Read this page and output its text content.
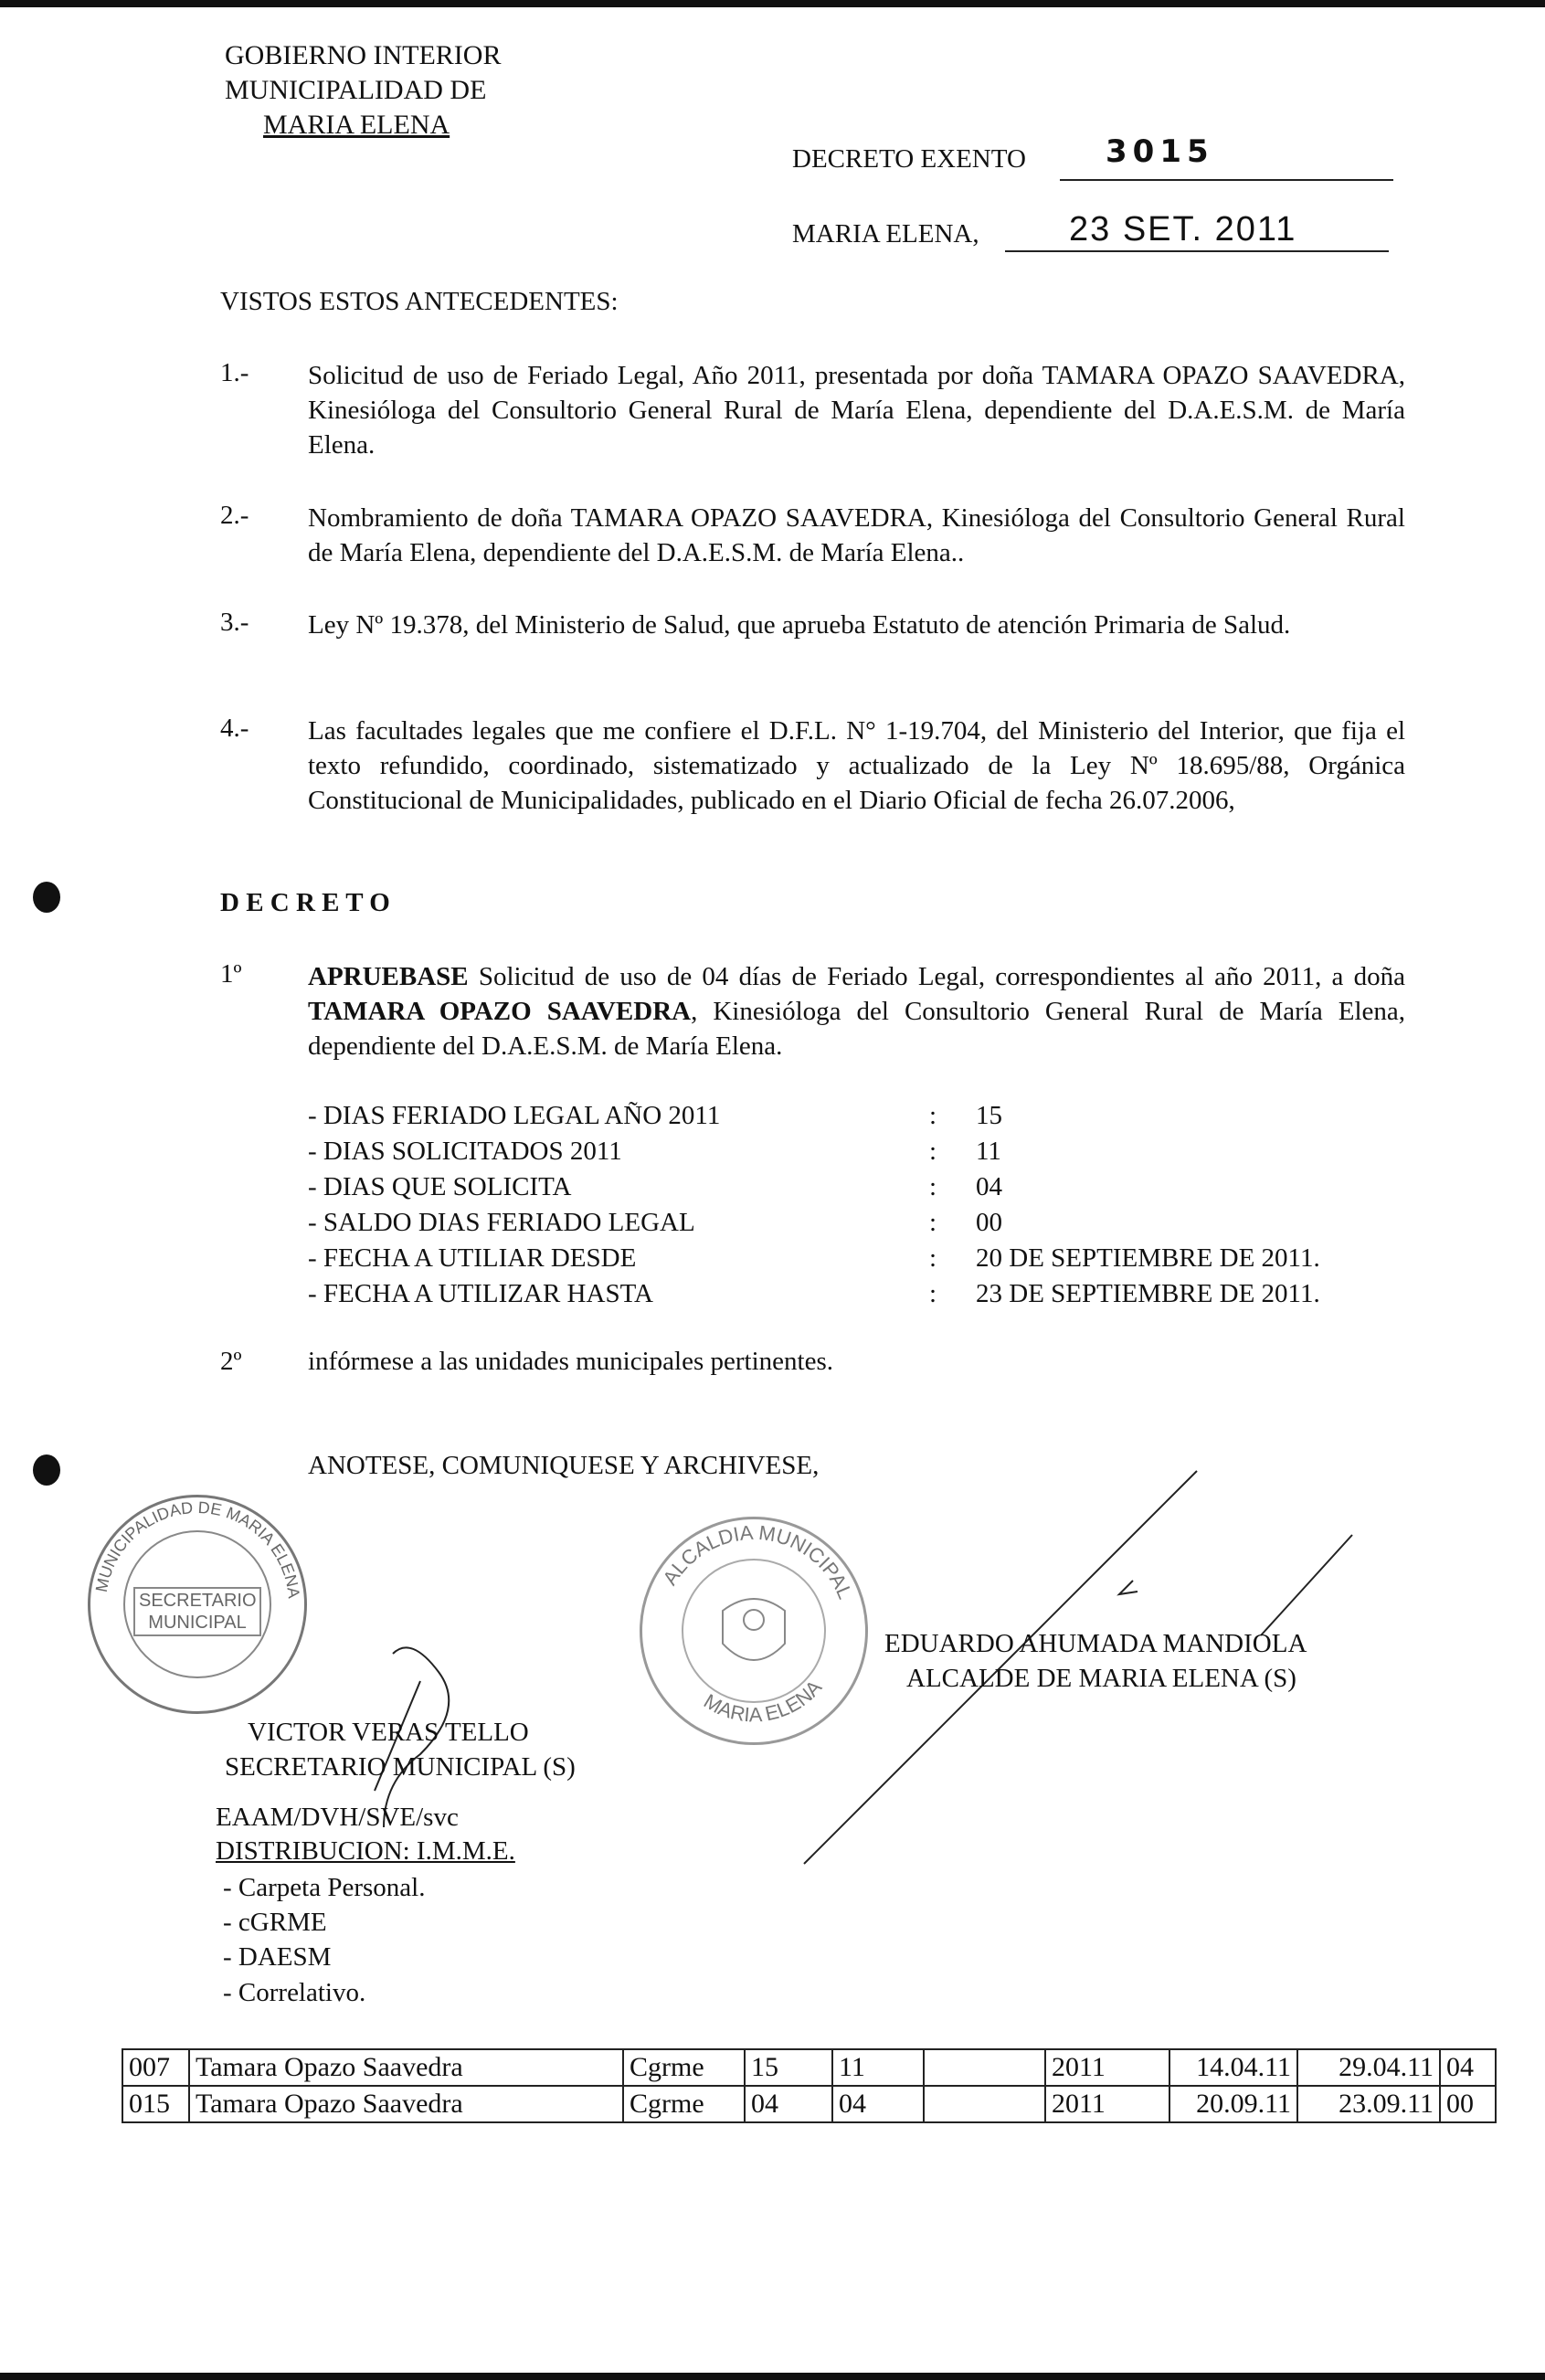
GOBIERNO INTERIOR
MUNICIPALIDAD DE
MARIA ELENA
DECRETO EXENTO	3015
MARIA ELENA,	23 SET. 2011
VISTOS ESTOS ANTECEDENTES:
1.- Solicitud de uso de Feriado Legal, Año 2011, presentada por doña TAMARA OPAZO SAAVEDRA, Kinesióloga del Consultorio General Rural de María Elena, dependiente del D.A.E.S.M. de María Elena.
2.- Nombramiento de doña TAMARA OPAZO SAAVEDRA, Kinesióloga del Consultorio General Rural de María Elena, dependiente del D.A.E.S.M. de María Elena..
3.- Ley Nº 19.378, del Ministerio de Salud, que aprueba Estatuto de atención Primaria de Salud.
4.- Las facultades legales que me confiere el D.F.L. N° 1-19.704, del Ministerio del Interior, que fija el texto refundido, coordinado, sistematizado y actualizado de la Ley Nº 18.695/88, Orgánica Constitucional de Municipalidades, publicado en el Diario Oficial de fecha 26.07.2006,
D E C R E T O
1º	APRUEBASE Solicitud de uso de 04 días de Feriado Legal, correspondientes al año 2011, a doña TAMARA OPAZO SAAVEDRA, Kinesióloga del Consultorio General Rural de María Elena, dependiente del D.A.E.S.M. de María Elena.
- DIAS FERIADO LEGAL AÑO 2011	:	15
- DIAS SOLICITADOS 2011	:	11
- DIAS QUE SOLICITA	:	04
- SALDO DIAS FERIADO LEGAL	:	00
- FECHA A UTILIAR DESDE	:	20 DE SEPTIEMBRE DE 2011.
- FECHA A UTILIZAR HASTA	:	23 DE SEPTIEMBRE DE 2011.
2º	infórmese a las unidades municipales pertinentes.
ANOTESE, COMUNIQUESE Y ARCHIVESE,
MUNICIPALIDAD DE MARIA ELENA
SECRETARIO MUNICIPAL
ALCALDIA MUNICIPAL
MARIA ELENA
EDUARDO AHUMADA MANDIOLA
ALCALDE DE MARIA ELENA (S)
VICTOR VERAS TELLO
SECRETARIO MUNICIPAL (S)
EAAM/DVH/SVE/svc
DISTRIBUCION: I.M.M.E.
- Carpeta Personal.
- cGRME
- DAESM
- Correlativo.
007	Tamara Opazo Saavedra	Cgrme	15	11		2011	14.04.11	29.04.11	04
015	Tamara Opazo Saavedra	Cgrme	04	04		2011	20.09.11	23.09.11	00
